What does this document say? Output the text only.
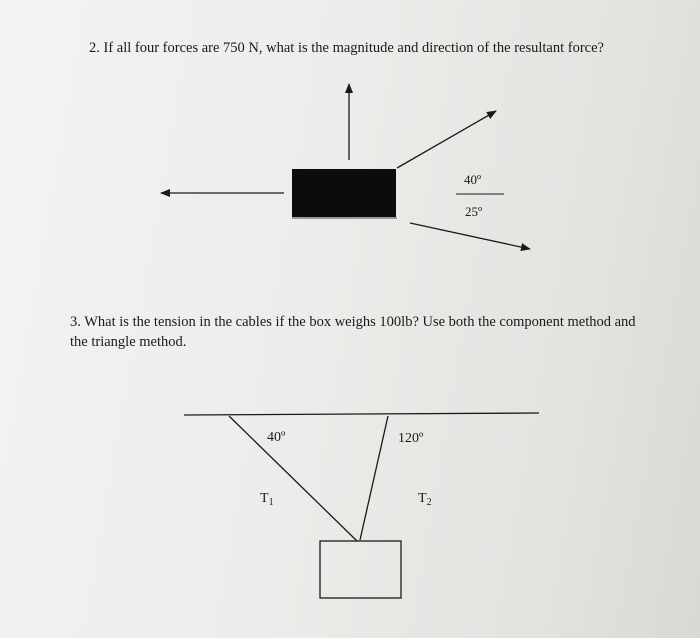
2. If all four forces are 750 N, what is the magnitude and direction of the resultant force?
3. What is the tension in the cables if the box weighs 100lb? Use both the component method and the triangle method.
40º
25º
40º	120º
$T_1$	$T_2$
